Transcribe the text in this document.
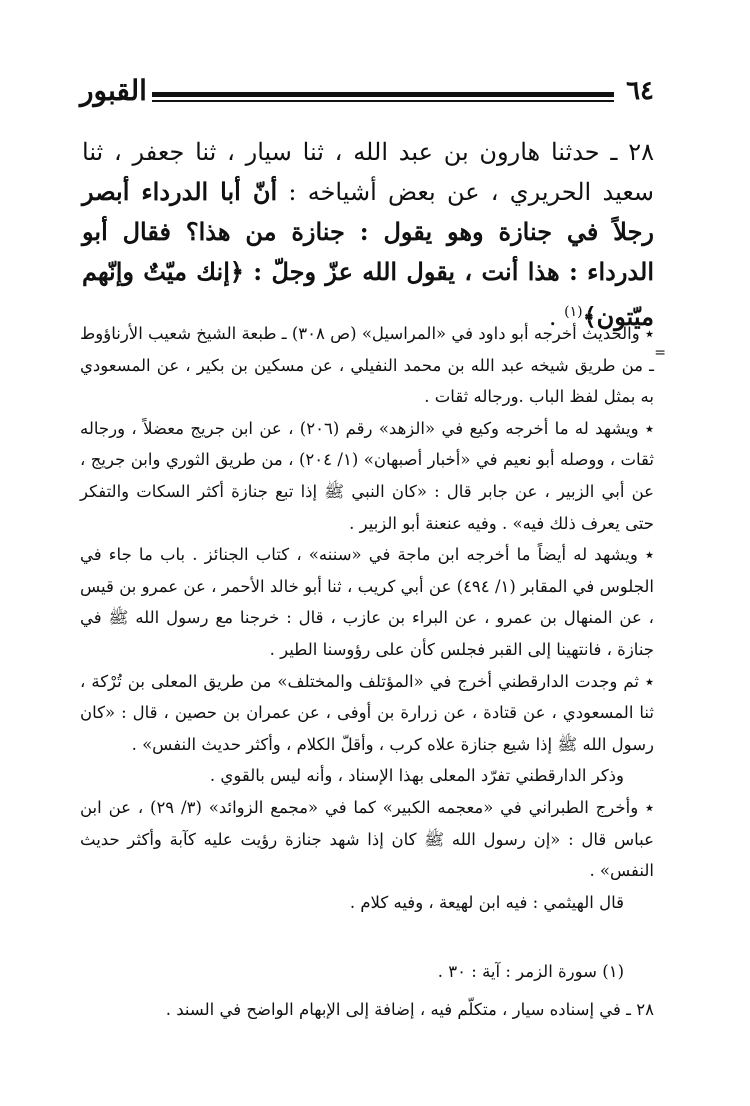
٦٤
القبور
٢٨ ـ حدثنا هارون بن عبد الله ، ثنا سيار ، ثنا جعفر ، ثنا سعيد الحريري ، عن بعض أشياخه : أنّ أبا الدرداء أبصر رجلاً في جنازة وهو يقول : جنازة من هذا؟ فقال أبو الدرداء : هذا أنت ، يقول الله عزّ وجلّ : ﴿إنك ميّتٌ وإنّهم ميّتون﴾$^{(١)}$ .
=

٭ والحديث أخرجه أبو داود في «المراسيل» (ص ٣٠٨) ـ طبعة الشيخ شعيب الأرناؤوط ـ من طريق شيخه عبد الله بن محمد النفيلي ، عن مسكين بن بكير ، عن المسعودي به بمثل لفظ الباب .ورجاله ثقات .

٭ ويشهد له ما أخرجه وكيع في «الزهد» رقم (٢٠٦) ، عن ابن جريج معضلاً ، ورجاله ثقات ، ووصله أبو نعيم في «أخبار أصبهان» (١/ ٢٠٤) ، من طريق الثوري وابن جريج ، عن أبي الزبير ، عن جابر قال : «كان النبي ﷺ إذا تبع جنازة أكثر السكات والتفكر حتى يعرف ذلك فيه» . وفيه عنعنة أبو الزبير .

٭ ويشهد له أيضاً ما أخرجه ابن ماجة في «سننه» ، كتاب الجنائز . باب ما جاء في الجلوس في المقابر (١/ ٤٩٤) عن أبي كريب ، ثنا أبو خالد الأحمر ، عن عمرو بن قيس ، عن المنهال بن عمرو ، عن البراء بن عازب ، قال : خرجنا مع رسول الله ﷺ في جنازة ، فانتهينا إلى القبر فجلس كأن على رؤوسنا الطير .

٭ ثم وجدت الدارقطني أخرج في «المؤتلف والمختلف» من طريق المعلى بن تُرْكة ، ثنا المسعودي ، عن قتادة ، عن زرارة بن أوفى ، عن عمران بن حصين ، قال : «كان رسول الله ﷺ إذا شيع جنازة علاه كرب ، وأقلّ الكلام ، وأكثر حديث النفس» .

وذكر الدارقطني تفرّد المعلى بهذا الإسناد ، وأنه ليس بالقوي .

٭ وأخرج الطبراني في «معجمه الكبير» كما في «مجمع الزوائد» (٣/ ٢٩) ، عن ابن عباس قال : «إن رسول الله ﷺ كان إذا شهد جنازة رؤيت عليه كآبة وأكثر حديث النفس» .

قال الهيثمي : فيه ابن لهيعة ، وفيه كلام .

(١) سورة الزمر : آية : ٣٠ .
٢٨ ـ في إسناده سيار ، متكلّم فيه ، إضافة إلى الإبهام الواضح في السند .
